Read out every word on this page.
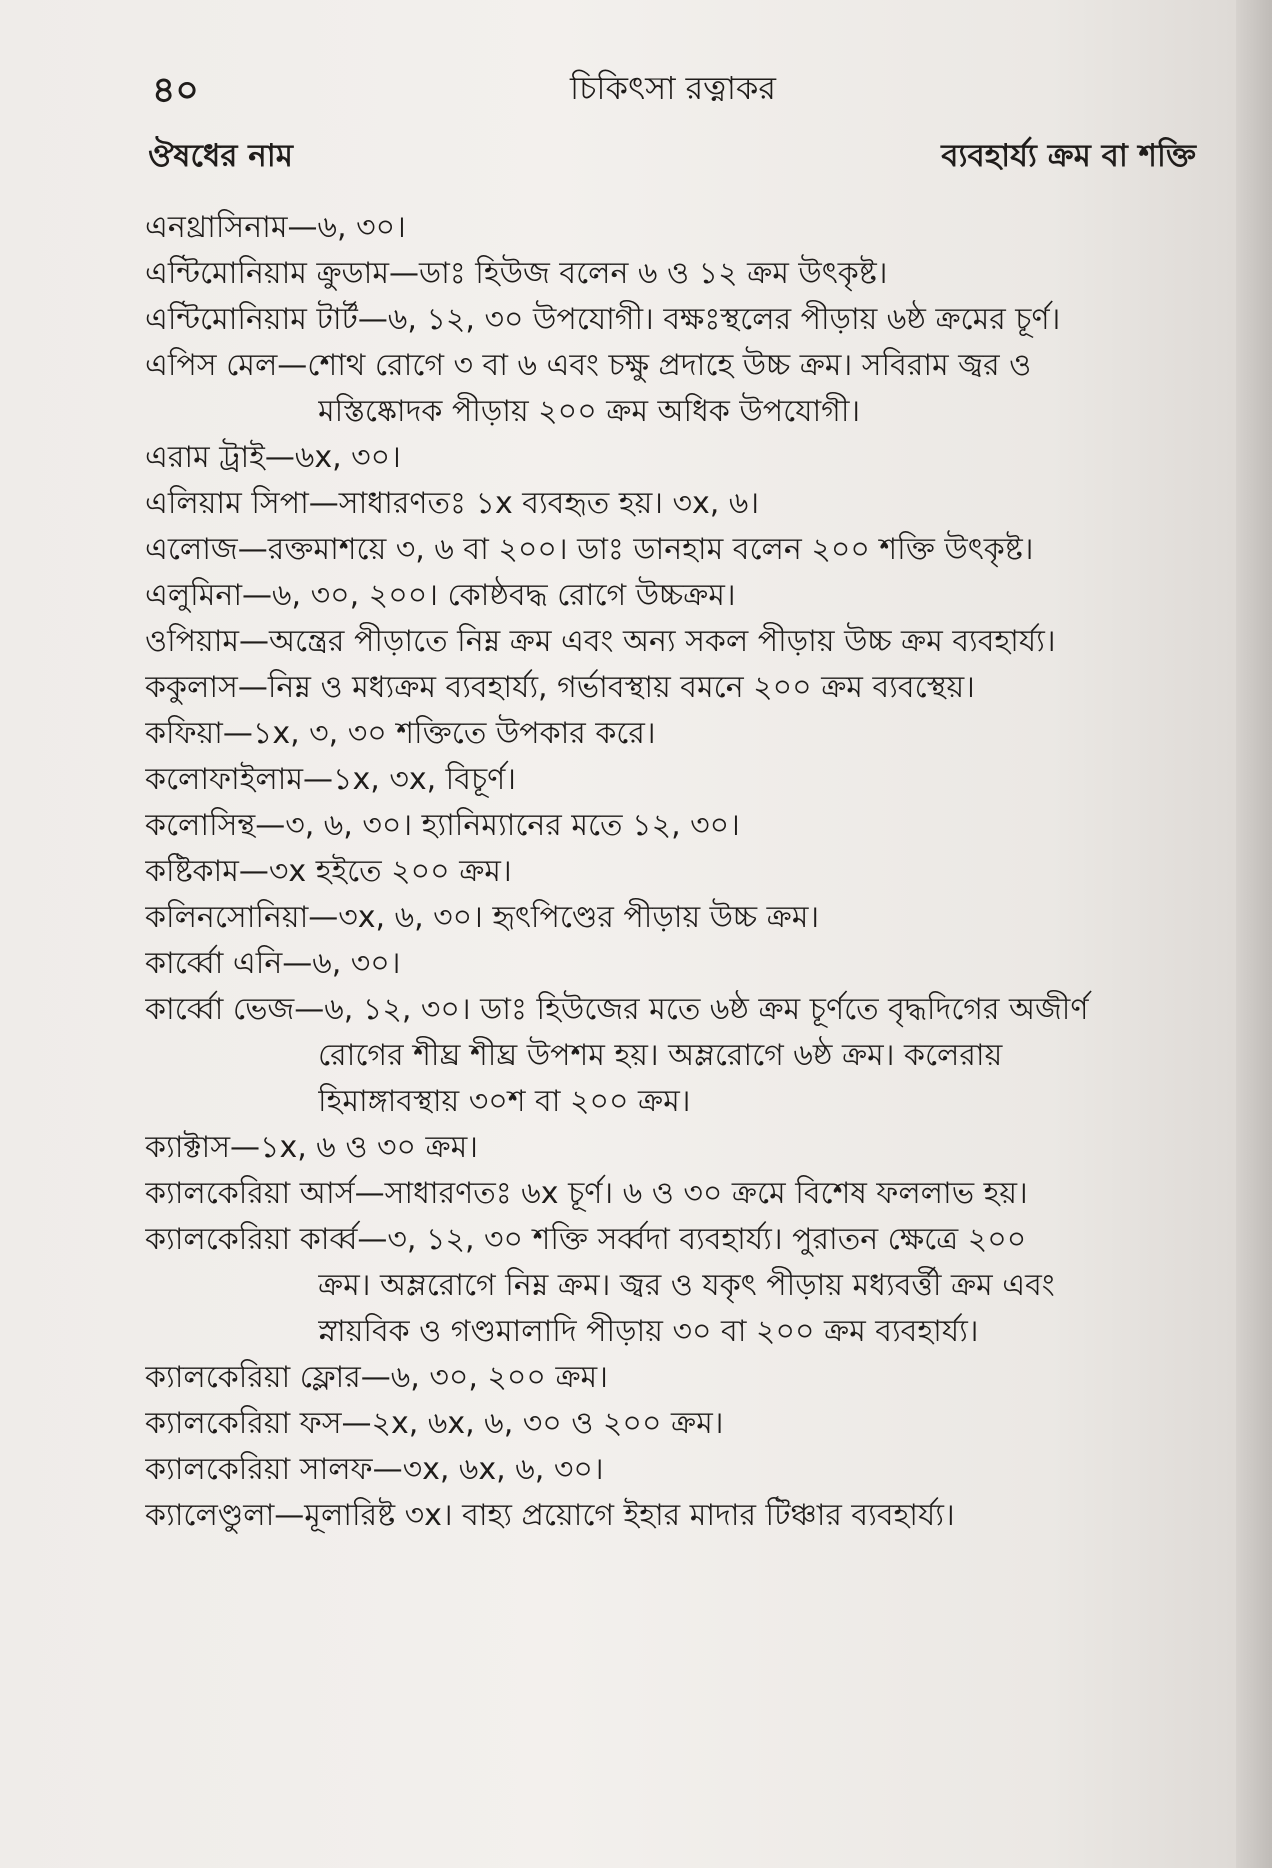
৪০	চিকিৎসা রত্নাকর
ঔষধের নাম	ব্যবহার্য্য ক্রম বা শক্তি
এনথ্রাসিনাম—৬, ৩০।
এন্টিমোনিয়াম ক্রুডাম—ডাঃ হিউজ বলেন ৬ ও ১২ ক্রম উৎকৃষ্ট।
এন্টিমোনিয়াম টার্ট—৬, ১২, ৩০ উপযোগী। বক্ষঃস্থলের পীড়ায় ৬ষ্ঠ ক্রমের চূর্ণ।
এপিস মেল—শোথ রোগে ৩ বা ৬ এবং চক্ষু প্রদাহে উচ্চ ক্রম। সবিরাম জ্বর ও
মস্তিষ্কোদক পীড়ায় ২০০ ক্রম অধিক উপযোগী।
এরাম ট্রাই—৬x, ৩০।
এলিয়াম সিপা—সাধারণতঃ ১x ব্যবহৃত হয়। ৩x, ৬।
এলোজ—রক্তমাশয়ে ৩, ৬ বা ২০০। ডাঃ ডানহাম বলেন ২০০ শক্তি উৎকৃষ্ট।
এলুমিনা—৬, ৩০, ২০০। কোষ্ঠবদ্ধ রোগে উচ্চক্রম।
ওপিয়াম—অন্ত্রের পীড়াতে নিম্ন ক্রম এবং অন্য সকল পীড়ায় উচ্চ ক্রম ব্যবহার্য্য।
ককুলাস—নিম্ন ও মধ্যক্রম ব্যবহার্য্য, গর্ভাবস্থায় বমনে ২০০ ক্রম ব্যবস্থেয়।
কফিয়া—১x, ৩, ৩০ শক্তিতে উপকার করে।
কলোফাইলাম—১x, ৩x, বিচূর্ণ।
কলোসিন্থ—৩, ৬, ৩০। হ্যানিম্যানের মতে ১২, ৩০।
কষ্টিকাম—৩x হইতে ২০০ ক্রম।
কলিনসোনিয়া—৩x, ৬, ৩০। হৃৎপিণ্ডের পীড়ায় উচ্চ ক্রম।
কার্ব্বো এনি—৬, ৩০।
কার্ব্বো ভেজ—৬, ১২, ৩০। ডাঃ হিউজের মতে ৬ষ্ঠ ক্রম চূর্ণতে বৃদ্ধদিগের অজীর্ণ
রোগের শীঘ্র শীঘ্র উপশম হয়। অম্লরোগে ৬ষ্ঠ ক্রম। কলেরায়
হিমাঙ্গাবস্থায় ৩০শ বা ২০০ ক্রম।
ক্যাক্টাস—১x, ৬ ও ৩০ ক্রম।
ক্যালকেরিয়া আর্স—সাধারণতঃ ৬x চূর্ণ। ৬ ও ৩০ ক্রমে বিশেষ ফললাভ হয়।
ক্যালকেরিয়া কার্ব্ব—৩, ১২, ৩০ শক্তি সর্ব্বদা ব্যবহার্য্য। পুরাতন ক্ষেত্রে ২০০
ক্রম। অম্লরোগে নিম্ন ক্রম। জ্বর ও যকৃৎ পীড়ায় মধ্যবর্ত্তী ক্রম এবং
স্নায়বিক ও গণ্ডমালাদি পীড়ায় ৩০ বা ২০০ ক্রম ব্যবহার্য্য।
ক্যালকেরিয়া ফ্লোর—৬, ৩০, ২০০ ক্রম।
ক্যালকেরিয়া ফস—২x, ৬x, ৬, ৩০ ও ২০০ ক্রম।
ক্যালকেরিয়া সালফ—৩x, ৬x, ৬, ৩০।
ক্যালেণ্ডুলা—মূলারিষ্ট ৩x। বাহ্য প্রয়োগে ইহার মাদার টিঞ্চার ব্যবহার্য্য।
